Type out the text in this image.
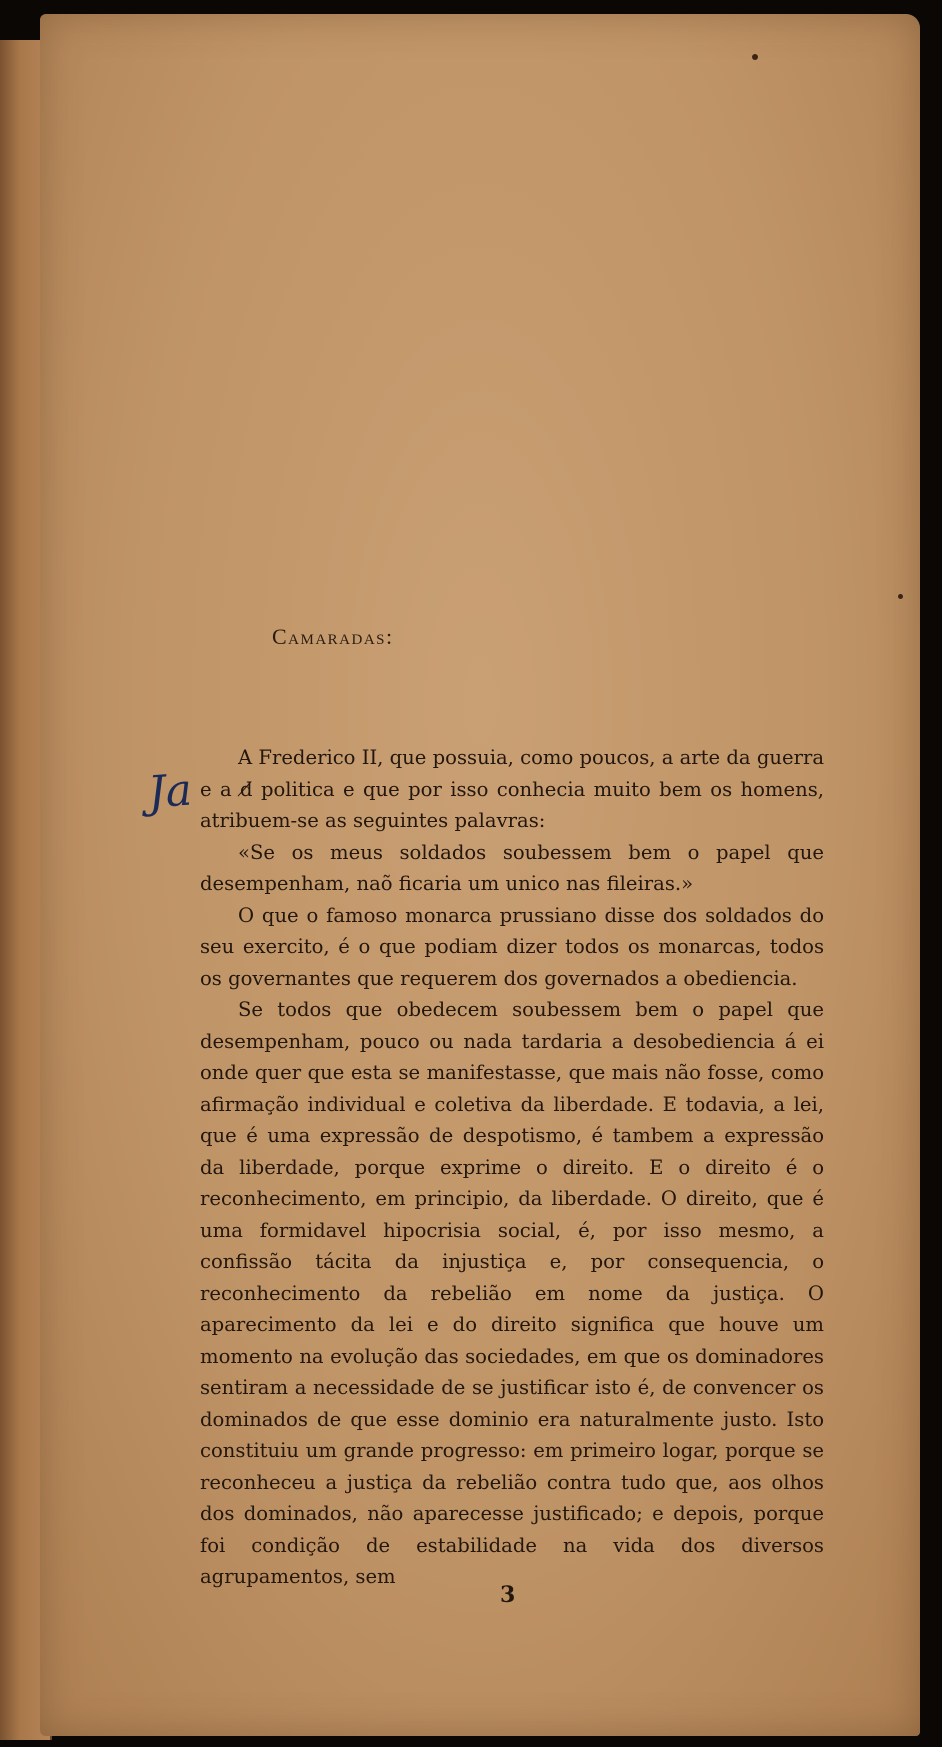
Camaradas:
Ja

A Frederico II, que possuia, como poucos, a arte da guerra e a d̸ politica e que por isso conhecia muito bem os homens, atribuem-se as seguintes palavras:

«Se os meus soldados soubessem bem o papel que desempenham, naõ ficaria um unico nas fileiras.»

O que o famoso monarca prussiano disse dos soldados do seu exercito, é o que podiam dizer todos os monarcas, todos os governantes que requerem dos governados a obediencia.

Se todos que obedecem soubessem bem o papel que desempenham, pouco ou nada tardaria a desobediencia á ei onde quer que esta se manifestasse, que mais não fosse, como afirmação individual e coletiva da liberdade. E todavia, a lei, que é uma expressão de despotismo, é tambem a expressão da liberdade, porque exprime o direito. E o direito é o reconhecimento, em principio, da liberdade. O direito, que é uma formidavel hipocrisia social, é, por isso mesmo, a confissão tácita da injustiça e, por consequencia, o reconhecimento da rebelião em nome da justiça. O aparecimento da lei e do direito significa que houve um momento na evolução das sociedades, em que os dominadores sentiram a necessidade de se justificar isto é, de convencer os dominados de que esse dominio era naturalmente justo. Isto constituiu um grande progresso: em primeiro logar, porque se reconheceu a justiça da rebelião contra tudo que, aos olhos dos dominados, não aparecesse justificado; e depois, porque foi condição de estabilidade na vida dos diversos agrupamentos, sem

3
